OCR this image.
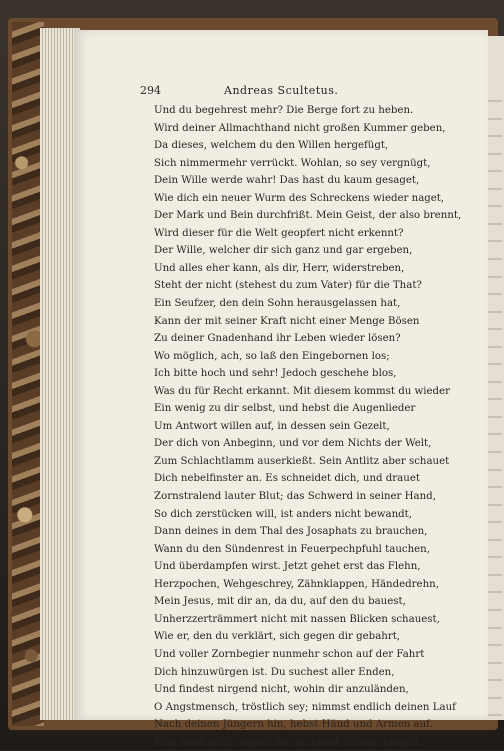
294	Andreas Scultetus.
Und du begehrest mehr? Die Berge fort zu heben.
Wird deiner Allmachthand nicht großen Kummer geben,
Da dieses, welchem du den Willen hergefügt,
Sich nimmermehr verrückt. Wohlan, so sey vergnügt,
Dein Wille werde wahr! Das hast du kaum gesaget,
Wie dich ein neuer Wurm des Schreckens wieder naget,
Der Mark und Bein durchfrißt. Mein Geist, der also brennt,
Wird dieser für die Welt geopfert nicht erkennt?
Der Wille, welcher dir sich ganz und gar ergeben,
Und alles eher kann, als dir, Herr, widerstreben,
Steht der nicht (stehest du zum Vater) für die That?
Ein Seufzer, den dein Sohn herausgelassen hat,
Kann der mit seiner Kraft nicht einer Menge Bösen
Zu deiner Gnadenhand ihr Leben wieder lösen?
Wo möglich, ach, so laß den Eingebornen los;
Ich bitte hoch und sehr! Jedoch geschehe blos,
Was du für Recht erkannt. Mit diesem kommst du wieder
Ein wenig zu dir selbst, und hebst die Augenlieder
Um Antwort willen auf, in dessen sein Gezelt,
Der dich von Anbeginn, und vor dem Nichts der Welt,
Zum Schlachtlamm auserkießt. Sein Antlitz aber schauet
Dich nebelfinster an. Es schneidet dich, und drauet
Zornstralend lauter Blut; das Schwerd in seiner Hand,
So dich zerstücken will, ist anders nicht bewandt,
Dann deines in dem Thal des Josaphats zu brauchen,
Wann du den Sündenrest in Feuerpechpfuhl tauchen,
Und überdampfen wirst. Jetzt gehet erst das Flehn,
Herzpochen, Wehgeschrey, Zähnklappen, Händedrehn,
Mein Jesus, mit dir an, da du, auf den du bauest,
Unherzzerträmmert nicht mit nassen Blicken schauest,
Wie er, den du verklärt, sich gegen dir gebahrt,
Und voller Zornbegier nunmehr schon auf der Fahrt
Dich hinzuwürgen ist. Du suchest aller Enden,
Und findest nirgend nicht, wohin dir anzuländen,
O Angstmensch, tröstlich sey; nimmst endlich deinen Lauf
Nach deinen Jüngern hin, hebst Händ und Armen auf.
Man wird mich, sagest du, in dieser Stunde fangen,
